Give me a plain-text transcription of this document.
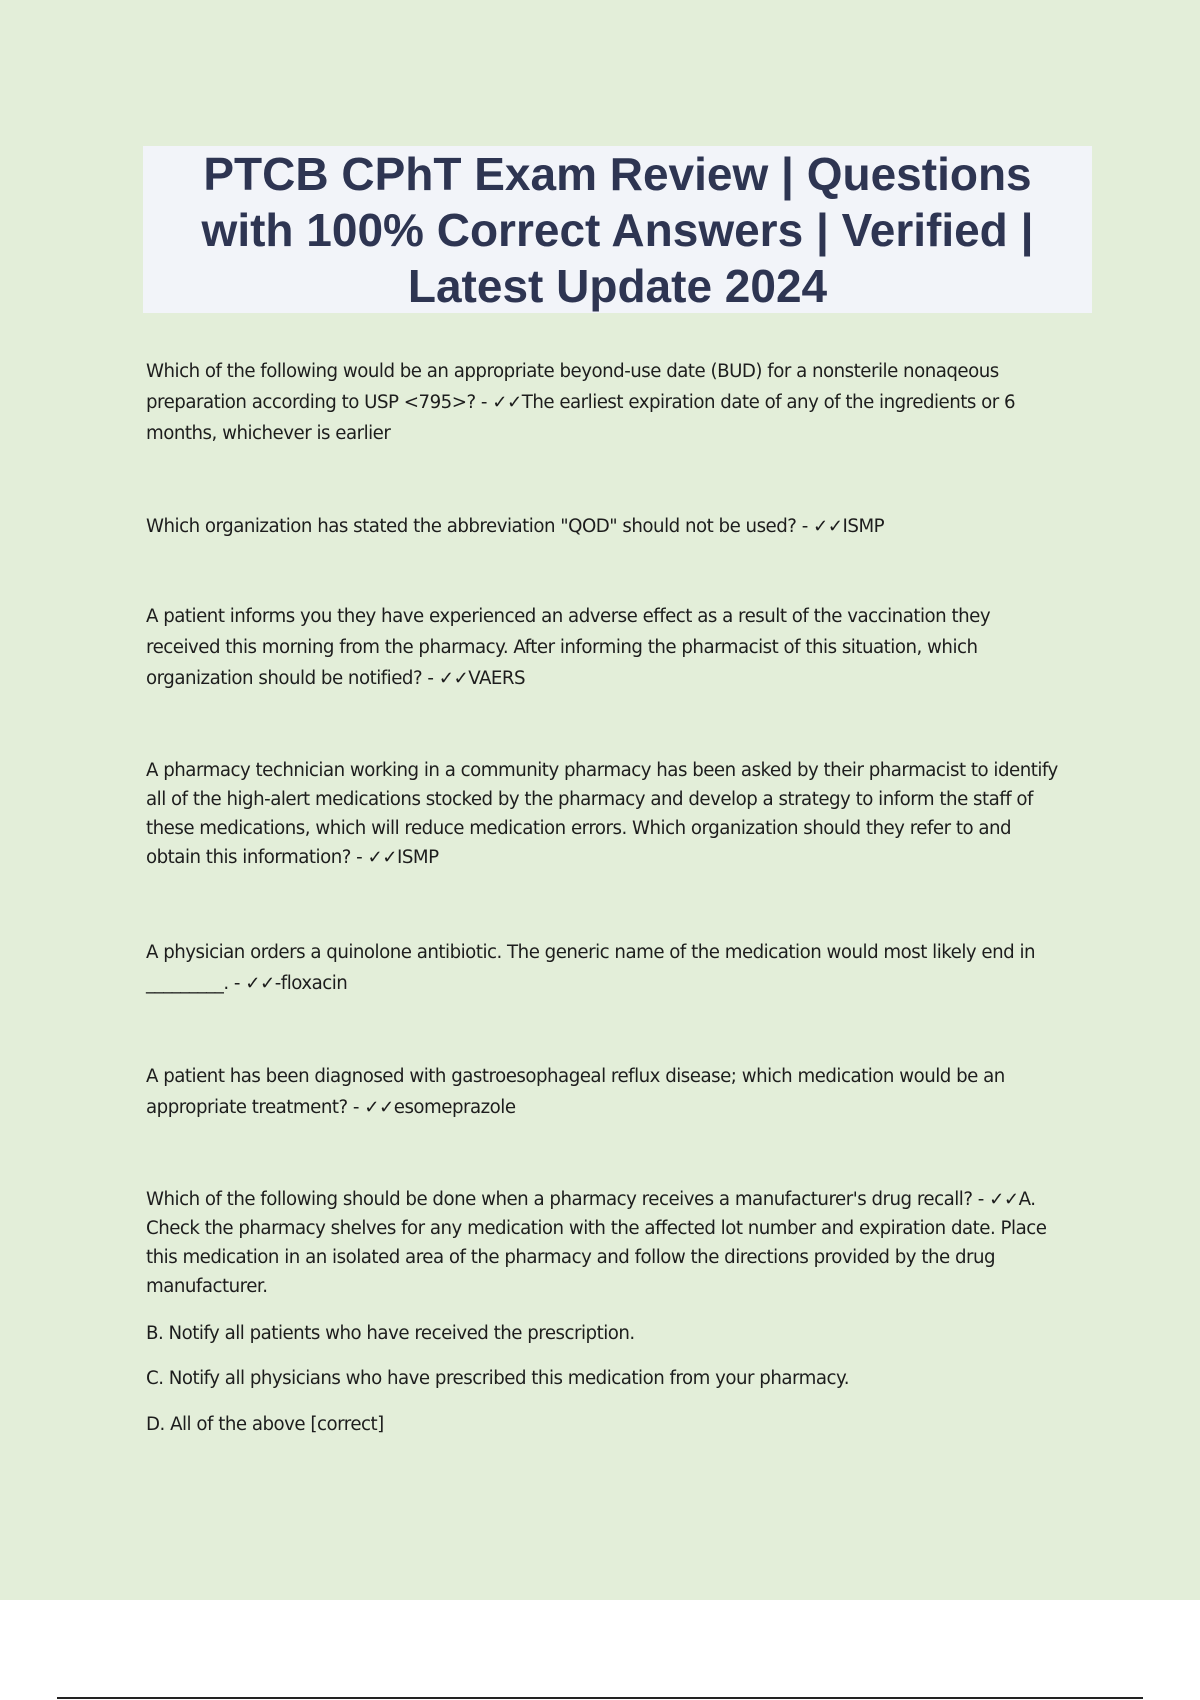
PTCB CPhT Exam Review | Questions
with 100% Correct Answers | Verified |
Latest Update 2024
Which of the following would be an appropriate beyond-use date (BUD) for a nonsterile nonaqeous
preparation according to USP <795>? - ✓✓The earliest expiration date of any of the ingredients or 6
months, whichever is earlier
Which organization has stated the abbreviation "QOD" should not be used? - ✓✓ISMP
A patient informs you they have experienced an adverse effect as a result of the vaccination they
received this morning from the pharmacy. After informing the pharmacist of this situation, which
organization should be notified? - ✓✓VAERS
A pharmacy technician working in a community pharmacy has been asked by their pharmacist to identify
all of the high-alert medications stocked by the pharmacy and develop a strategy to inform the staff of
these medications, which will reduce medication errors. Which organization should they refer to and
obtain this information? - ✓✓ISMP
A physician orders a quinolone antibiotic. The generic name of the medication would most likely end in
_________. - ✓✓-floxacin
A patient has been diagnosed with gastroesophageal reflux disease; which medication would be an
appropriate treatment? - ✓✓esomeprazole
Which of the following should be done when a pharmacy receives a manufacturer's drug recall? - ✓✓A.
Check the pharmacy shelves for any medication with the affected lot number and expiration date. Place
this medication in an isolated area of the pharmacy and follow the directions provided by the drug
manufacturer.
B. Notify all patients who have received the prescription.
C. Notify all physicians who have prescribed this medication from your pharmacy.
D. All of the above [correct]
